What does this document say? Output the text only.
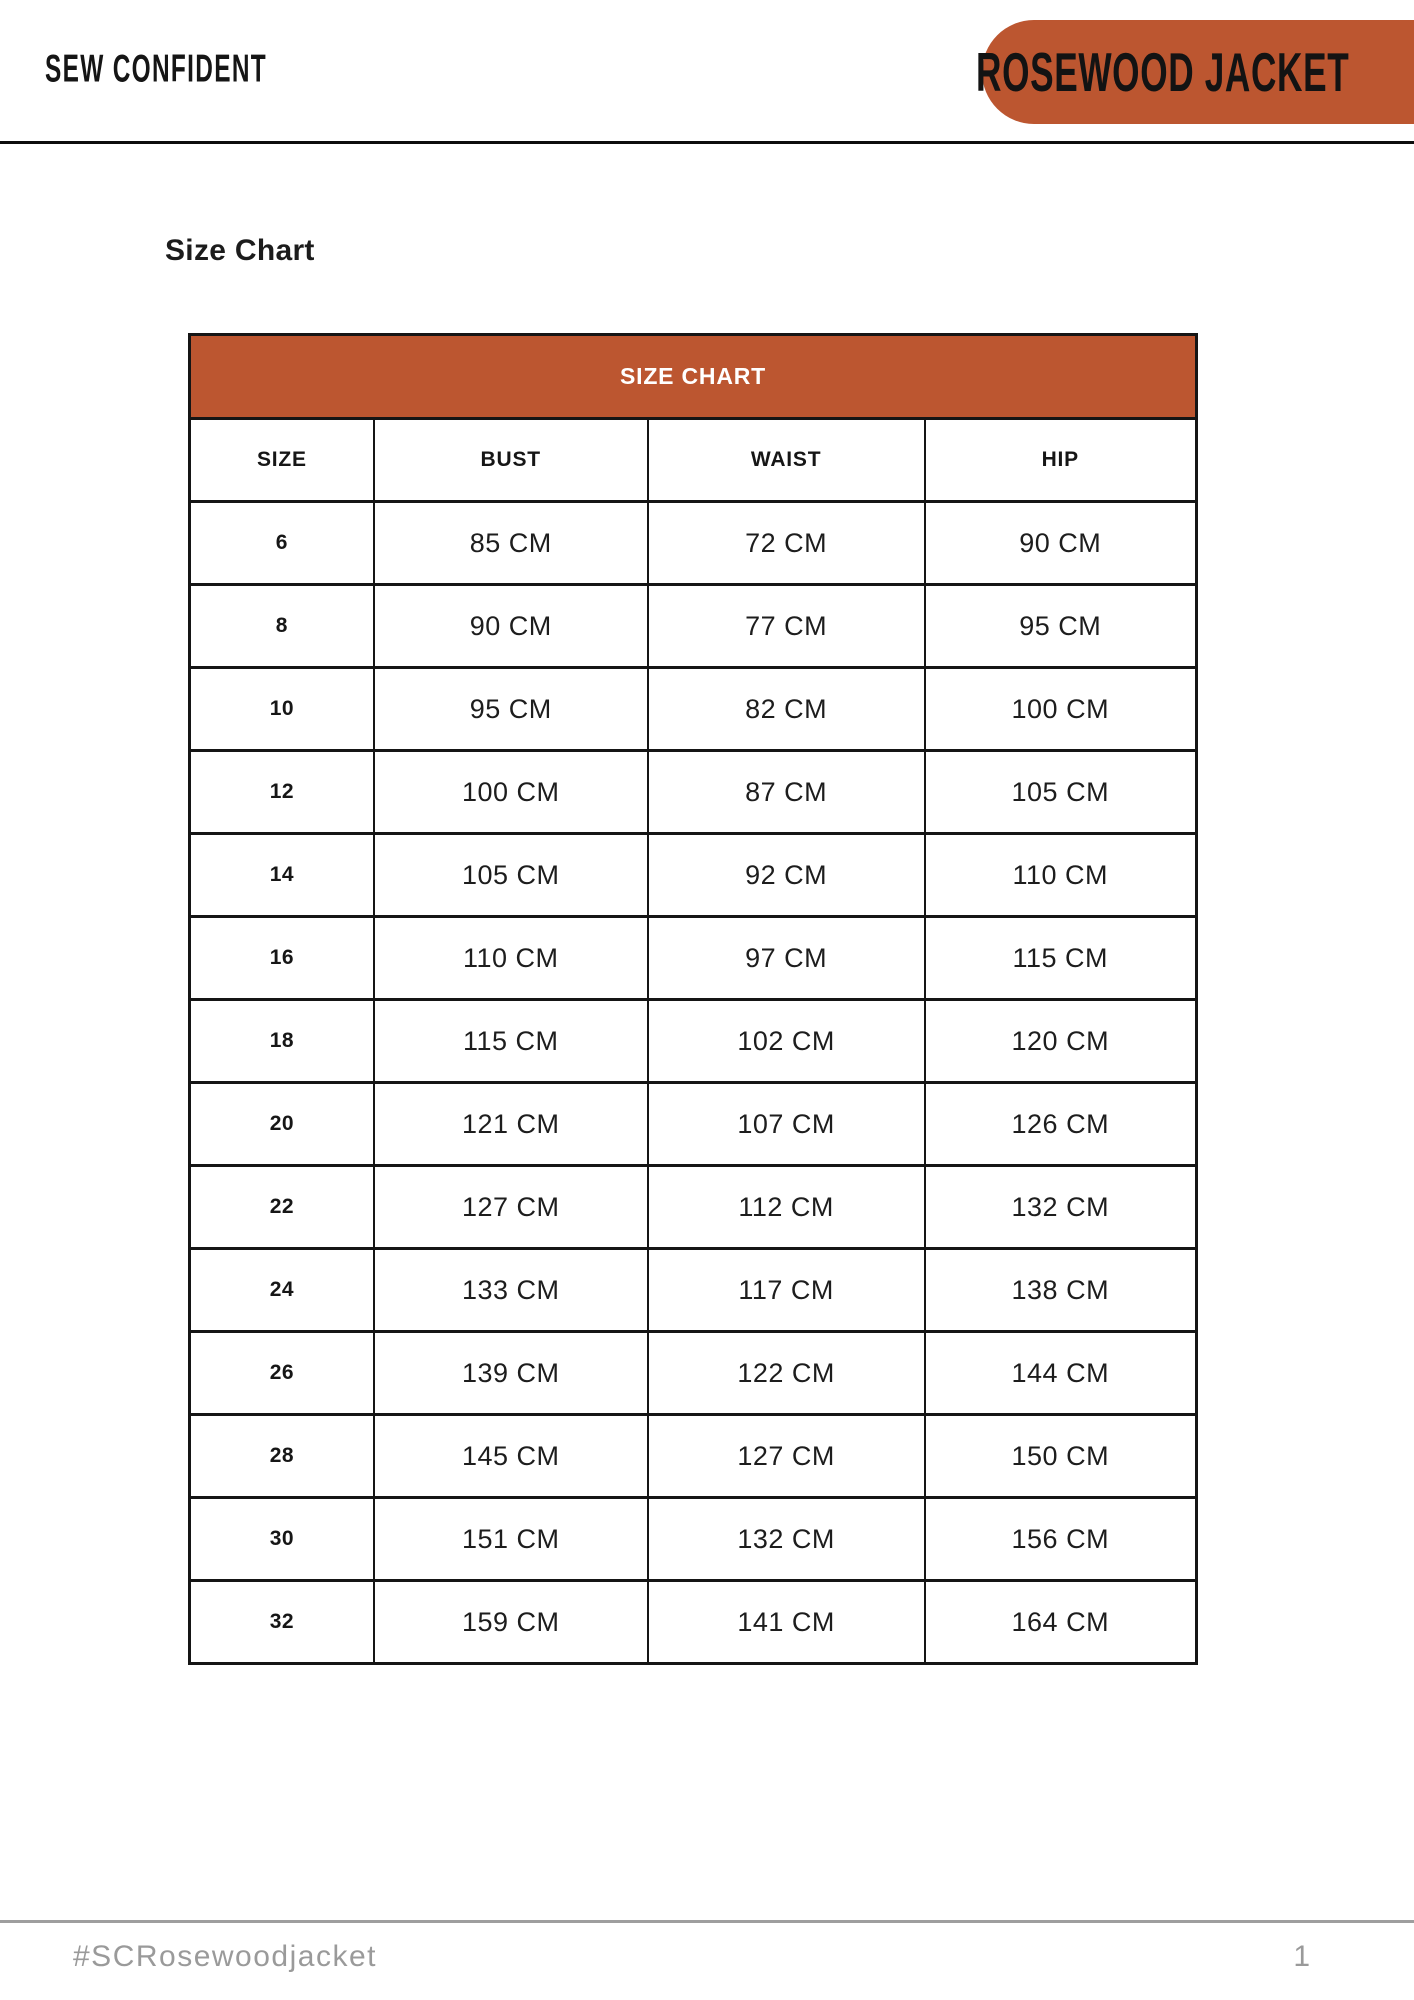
SEW CONFIDENT	ROSEWOOD JACKET
Size Chart
SIZE CHART			
SIZE	BUST	WAIST	HIP
6	85 CM	72 CM	90 CM
8	90 CM	77 CM	95 CM
10	95 CM	82 CM	100 CM
12	100 CM	87 CM	105 CM
14	105 CM	92 CM	110 CM
16	110 CM	97 CM	115 CM
18	115 CM	102 CM	120 CM
20	121 CM	107 CM	126 CM
22	127 CM	112 CM	132 CM
24	133 CM	117 CM	138 CM
26	139 CM	122 CM	144 CM
28	145 CM	127 CM	150 CM
30	151 CM	132 CM	156 CM
32	159 CM	141 CM	164 CM
#SCRosewoodjacket	1
